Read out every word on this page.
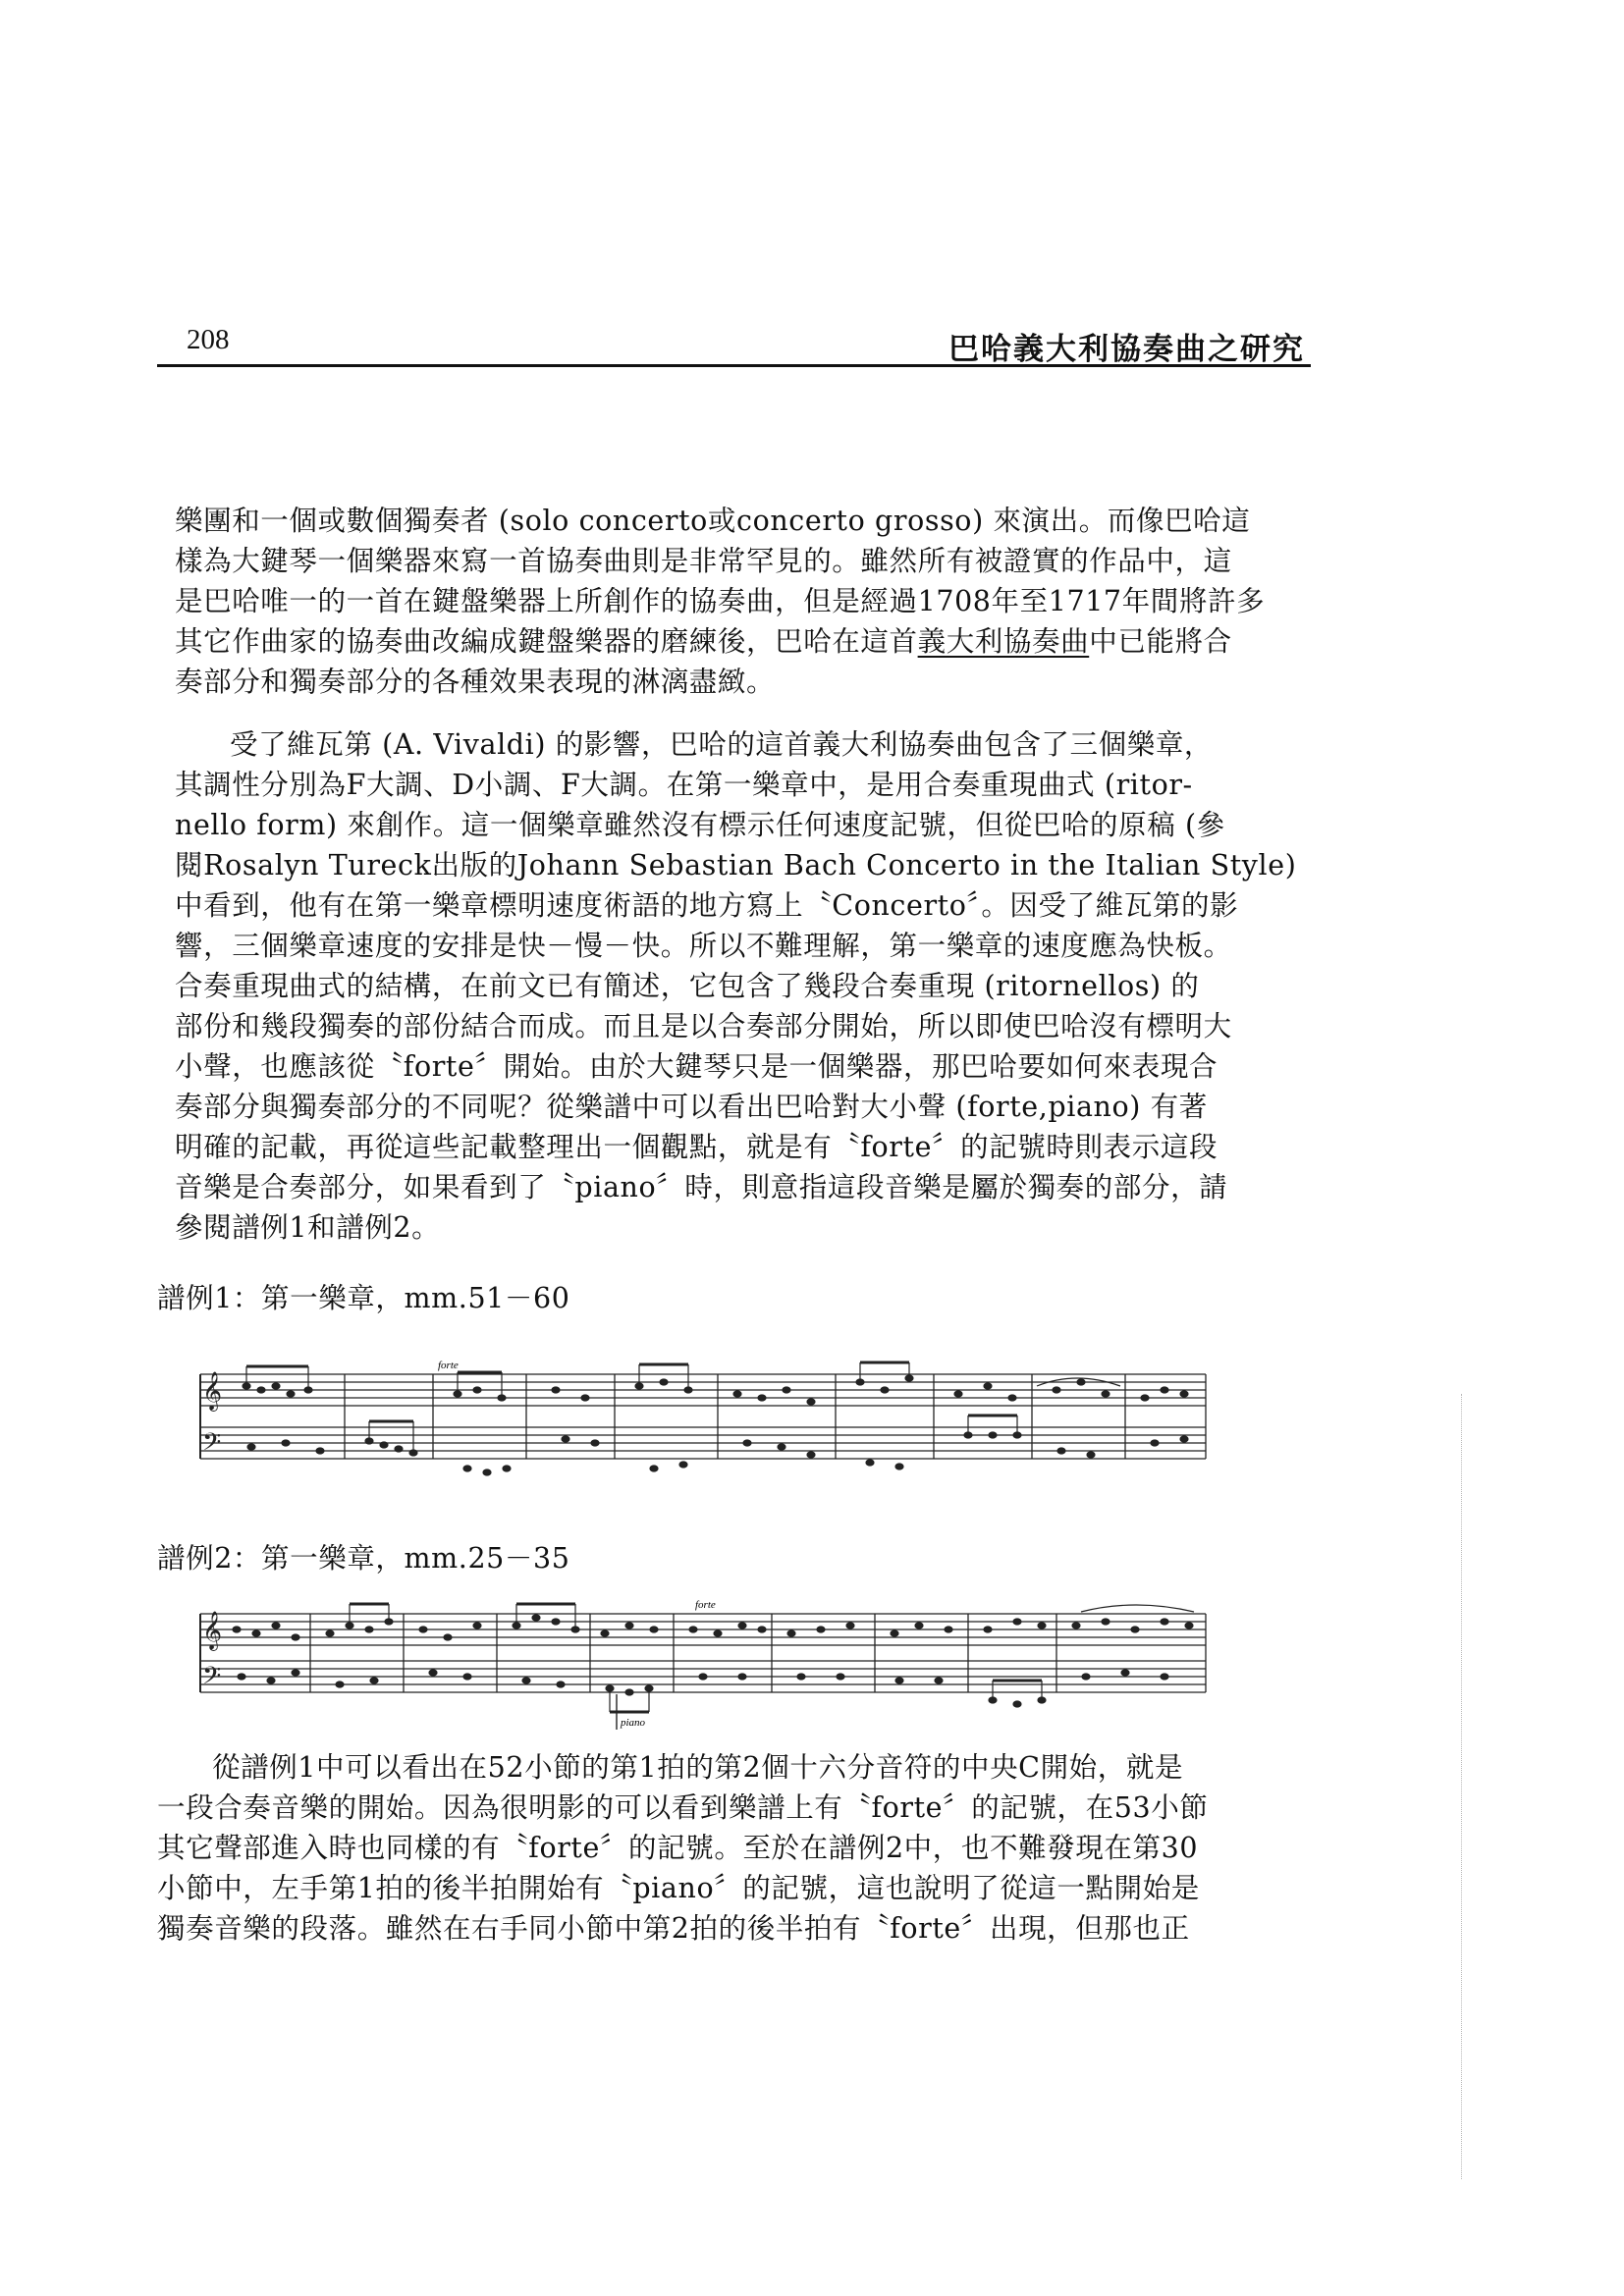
208	巴哈義大利協奏曲之研究
樂團和一個或數個獨奏者 (solo concerto或concerto grosso) 來演出。而像巴哈這
樣為大鍵琴一個樂器來寫一首協奏曲則是非常罕見的。雖然所有被證實的作品中，這
是巴哈唯一的一首在鍵盤樂器上所創作的協奏曲，但是經過1708年至1717年間將許多
其它作曲家的協奏曲改編成鍵盤樂器的磨練後，巴哈在這首義大利協奏曲中已能將合
奏部分和獨奏部分的各種效果表現的淋漓盡緻。
受了維瓦第 (A. Vivaldi) 的影響，巴哈的這首義大利協奏曲包含了三個樂章，
其調性分別為F大調、D小調、F大調。在第一樂章中，是用合奏重現曲式 (ritor-
nello form) 來創作。這一個樂章雖然沒有標示任何速度記號，但從巴哈的原稿 (參
閱Rosalyn Tureck出版的Johann Sebastian Bach Concerto in the Italian Style)
中看到，他有在第一樂章標明速度術語的地方寫上〝Concerto〞。因受了維瓦第的影
響，三個樂章速度的安排是快－慢－快。所以不難理解，第一樂章的速度應為快板。
合奏重現曲式的結構，在前文已有簡述，它包含了幾段合奏重現 (ritornellos) 的
部份和幾段獨奏的部份結合而成。而且是以合奏部分開始，所以即使巴哈沒有標明大
小聲，也應該從〝forte〞開始。由於大鍵琴只是一個樂器，那巴哈要如何來表現合
奏部分與獨奏部分的不同呢？從樂譜中可以看出巴哈對大小聲 (forte,piano) 有著
明確的記載，再從這些記載整理出一個觀點，就是有〝forte〞的記號時則表示這段
音樂是合奏部分，如果看到了〝piano〞時，則意指這段音樂是屬於獨奏的部分，請
參閱譜例1和譜例2。
譜例1：第一樂章，mm.51－60
𝄞
𝄢
forte
譜例2：第一樂章，mm.25－35
𝄞
𝄢
forte
piano
從譜例1中可以看出在52小節的第1拍的第2個十六分音符的中央C開始，就是
一段合奏音樂的開始。因為很明影的可以看到樂譜上有〝forte〞的記號，在53小節
其它聲部進入時也同樣的有〝forte〞的記號。至於在譜例2中，也不難發現在第30
小節中，左手第1拍的後半拍開始有〝piano〞的記號，這也說明了從這一點開始是
獨奏音樂的段落。雖然在右手同小節中第2拍的後半拍有〝forte〞出現，但那也正
